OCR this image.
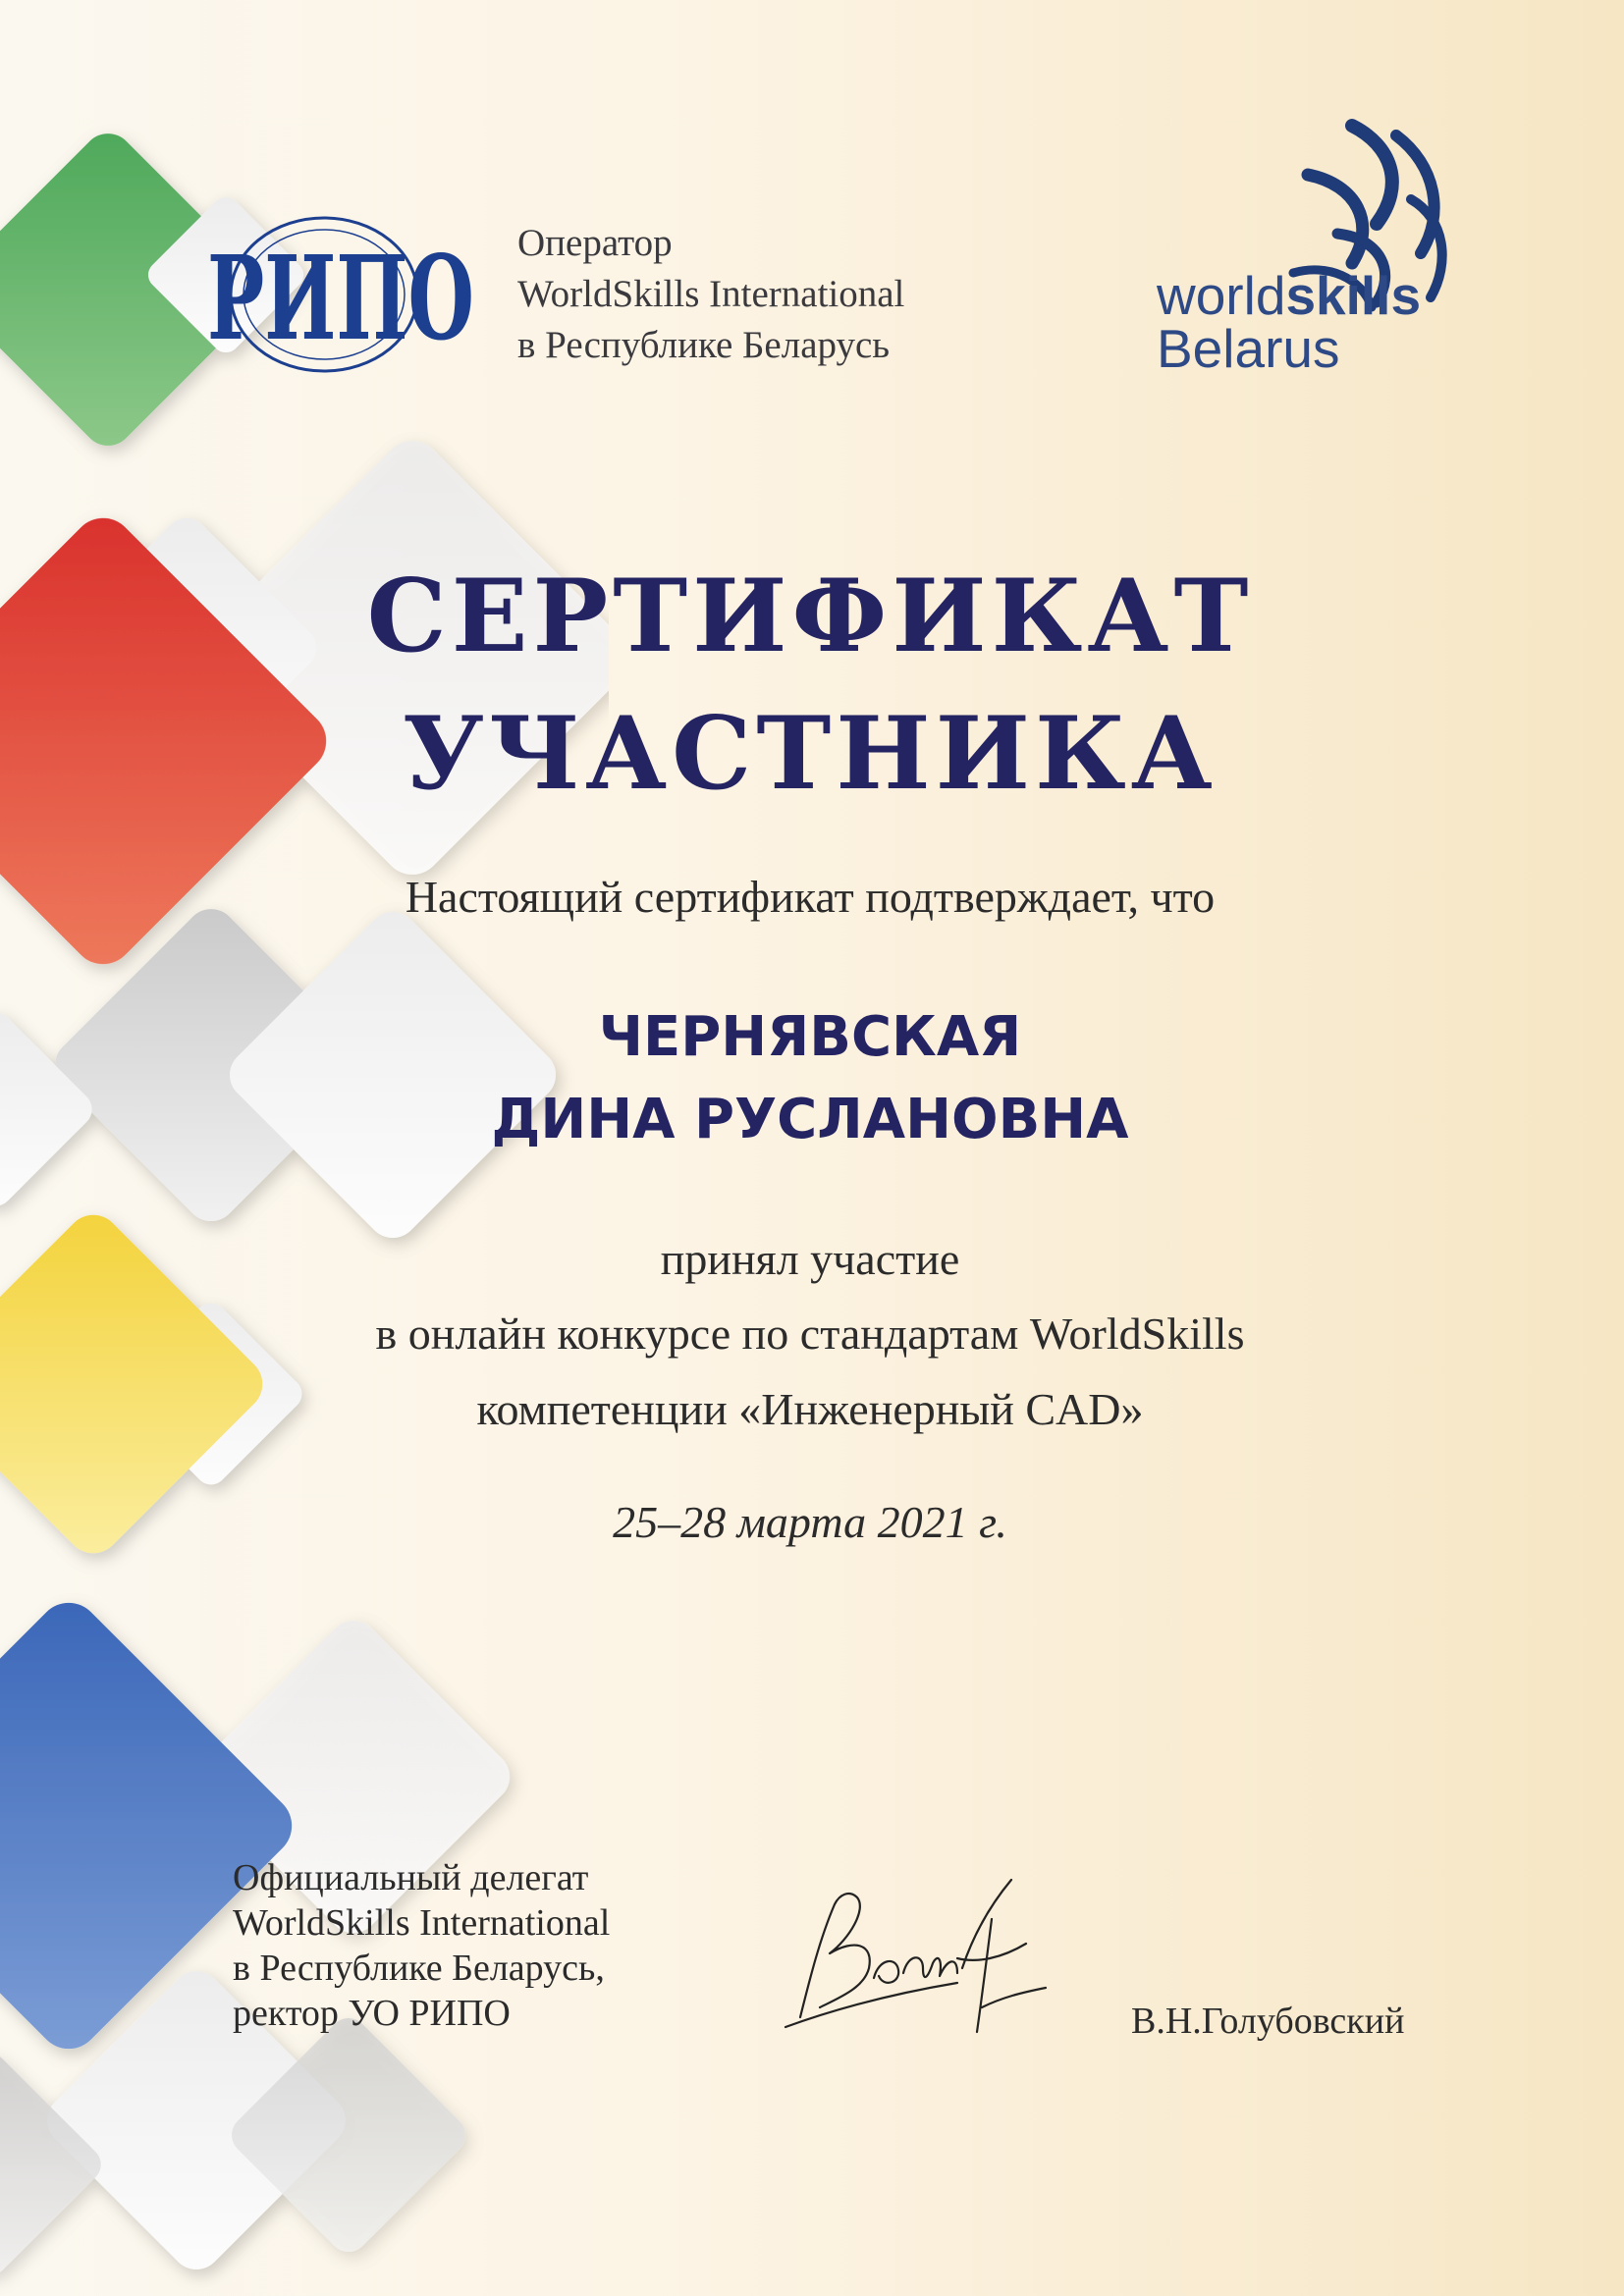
РИПО Оператор
WorldSkills International
в Республике Беларусь
worldskills
Belarus
СЕРТИФИКАТ
УЧАСТНИКА
Настоящий сертификат подтверждает, что
ЧЕРНЯВСКАЯ
ДИНА РУСЛАНОВНА
принял участие
в онлайн конкурсе по стандартам WorldSkills
компетенции «Инженерный CAD»
25–28 марта 2021 г.
Официальный делегат
WorldSkills International
в Республике Беларусь,
ректор УО РИПО	В.Н.Голубовский
